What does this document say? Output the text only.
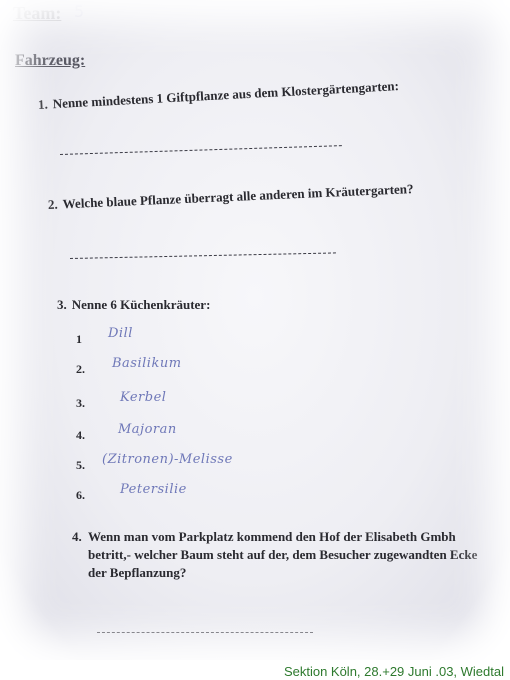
Team: 5
Fahrzeug:
1. Nenne mindestens 1 Giftpflanze aus dem Klostergärtengarten:
2. Welche blaue Pflanze überragt alle anderen im Kräutergarten?
3. Nenne 6 Küchenkräuter:
1 Dill
2. Basilikum
3.	Kerbel
4.	Majoran
5. (Zitronen)-Melisse
6.	Petersilie
4. Wenn man vom Parkplatz kommend den Hof der Elisabeth Gmbh betritt,- welcher Baum steht auf der, dem Besucher zugewandten Ecke der Bepflanzung?
Sektion Köln, 28.+29 Juni .03, Wiedtal
